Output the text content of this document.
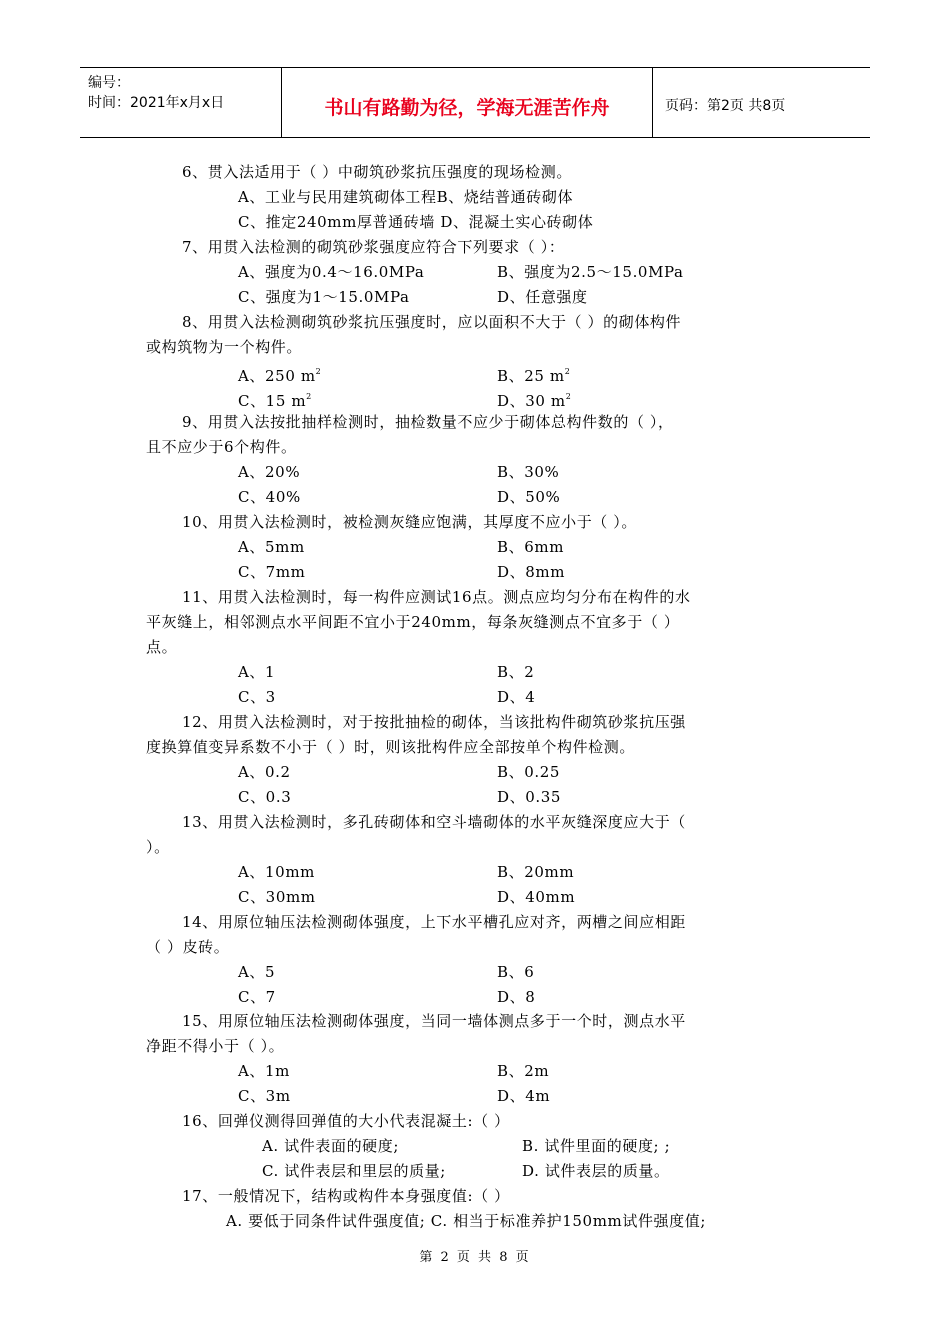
编号：
时间：2021年x月x日	书山有路勤为径，学海无涯苦作舟	页码：第2页 共8页
6、贯入法适用于（ ）中砌筑砂浆抗压强度的现场检测。
A、工业与民用建筑砌体工程B、烧结普通砖砌体
C、推定240mm厚普通砖墙 D、混凝土实心砖砌体
7、用贯入法检测的砌筑砂浆强度应符合下列要求（ ）：
A、强度为0.4～16.0MPa	B、强度为2.5～15.0MPa
C、强度为1～15.0MPa	D、任意强度
8、用贯入法检测砌筑砂浆抗压强度时，应以面积不大于（ ）的砌体构件
或构筑物为一个构件。
A、250 $m^2$	B、25 $m^2$
C、15 $m^2$	D、30 $m^2$
9、用贯入法按批抽样检测时，抽检数量不应少于砌体总构件数的（ ），
且不应少于6个构件。
A、20%	B、30%
C、40%	D、50%
10、用贯入法检测时，被检测灰缝应饱满，其厚度不应小于（ ）。
A、5mm	B、6mm
C、7mm	D、8mm
11、用贯入法检测时，每一构件应测试16点。测点应均匀分布在构件的水
平灰缝上，相邻测点水平间距不宜小于240mm，每条灰缝测点不宜多于（ ）
点。
A、1	B、2
C、3	D、4
12、用贯入法检测时，对于按批抽检的砌体，当该批构件砌筑砂浆抗压强
度换算值变异系数不小于（ ）时，则该批构件应全部按单个构件检测。
A、0.2	B、0.25
C、0.3	D、0.35
13、用贯入法检测时，多孔砖砌体和空斗墙砌体的水平灰缝深度应大于（
）。
A、10mm	B、20mm
C、30mm	D、40mm
14、用原位轴压法检测砌体强度，上下水平槽孔应对齐，两槽之间应相距
（ ）皮砖。
A、5	B、6
C、7	D、8
15、用原位轴压法检测砌体强度，当同一墙体测点多于一个时，测点水平
净距不得小于（ ）。
A、1m	B、2m
C、3m	D、4m
16、回弹仪测得回弹值的大小代表混凝土:（ ）
A. 试件表面的硬度;	B. 试件里面的硬度; ;
C. 试件表层和里层的质量;	D. 试件表层的质量。
17、一般情况下，结构或构件本身强度值:（ ）
A. 要低于同条件试件强度值; C. 相当于标准养护150mm试件强度值;
第 2 页 共 8 页
